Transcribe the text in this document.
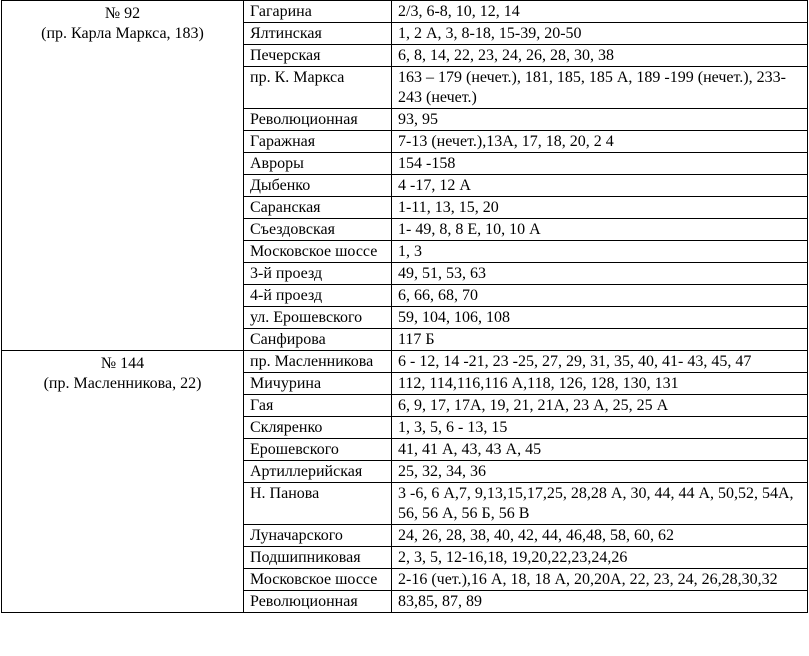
№ 92
(пр. Карла Маркса, 183)	Гагарина	2/3, 6-8, 10, 12, 14
	Ялтинская	1, 2 А, 3, 8-18, 15-39, 20-50
	Печерская	6, 8, 14, 22, 23, 24, 26, 28, 30, 38
	пр. К. Маркса	163 – 179 (нечет.), 181, 185, 185 А, 189 -199 (нечет.), 233-243 (нечет.)
	Революционная	93, 95
	Гаражная	7-13 (нечет.),13А, 17, 18, 20, 2 4
	Авроры	154 -158
	Дыбенко	4 -17, 12 А
	Саранская	1-11, 13, 15, 20
	Съездовская	1- 49, 8, 8 Е, 10, 10 А
	Московское шоссе	1, 3
	3-й проезд	49, 51, 53, 63
	4-й проезд	6, 66, 68, 70
	ул. Ерошевского	59, 104, 106, 108
	Санфирова	117 Б

№ 144
(пр. Масленникова, 22)	пр. Масленникова	6 - 12, 14 -21, 23 -25, 27, 29, 31, 35, 40, 41- 43, 45, 47
	Мичурина	112, 114,116,116 А,118, 126, 128, 130, 131
	Гая	6, 9, 17, 17А, 19, 21, 21А, 23 А, 25, 25 А
	Скляренко	1, 3, 5, 6 - 13, 15
	Ерошевского	41, 41 А, 43, 43 А, 45
	Артиллерийская	25, 32, 34, 36
	Н. Панова	3 -6, 6 А,7, 9,13,15,17,25, 28,28 А, 30, 44, 44 А, 50,52, 54А, 56, 56 А, 56 Б, 56 В
	Луначарского	24, 26, 28, 38, 40, 42, 44, 46,48, 58, 60, 62
	Подшипниковая	2, 3, 5, 12-16,18, 19,20,22,23,24,26
	Московское шоссе	2-16 (чет.),16 А, 18, 18 А, 20,20А, 22, 23, 24, 26,28,30,32
	Революционная	83,85, 87, 89
